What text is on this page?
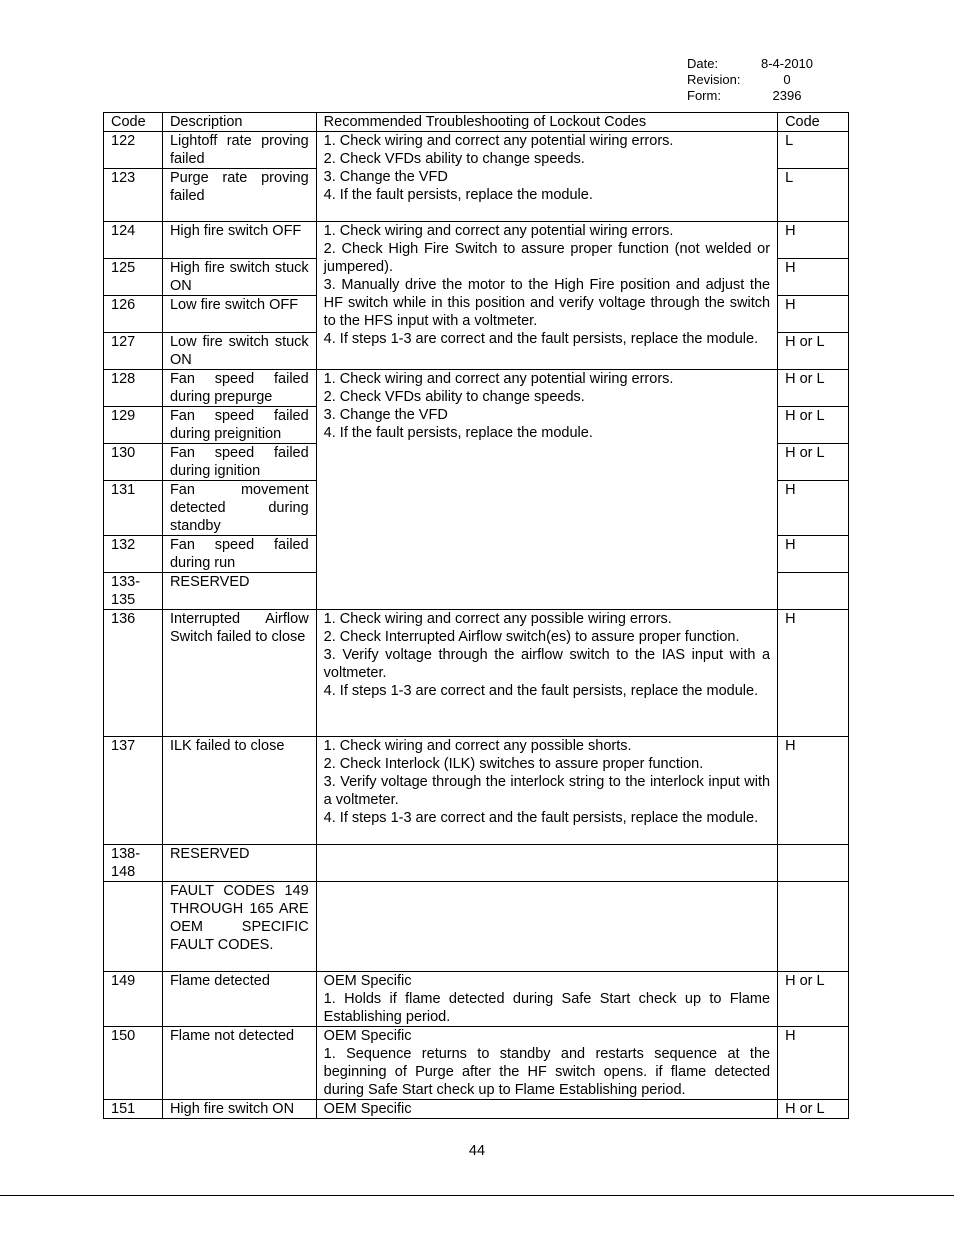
Date:	8-4-2010
Revision:	0
Form:	2396
Code	Description	Recommended Troubleshooting of Lockout Codes	Code
122	Lightoff rate proving failed	1. Check wiring and correct any potential wiring errors.
2. Check VFDs ability to change speeds.
3. Change the VFD
4. If the fault persists, replace the module.	L
123	Purge rate proving failed		L
124	High fire switch OFF	1. Check wiring and correct any potential wiring errors.
2. Check High Fire Switch to assure proper function (not welded or jumpered).
3. Manually drive the motor to the High Fire position and adjust the HF switch while in this position and verify voltage through the switch to the HFS input with a voltmeter.
4. If steps 1-3 are correct and the fault persists, replace the module.	H
125	High fire switch stuck ON		H
126	Low fire switch OFF		H
127	Low fire switch stuck ON		H or L
128	Fan speed failed during prepurge	1. Check wiring and correct any potential wiring errors.
2. Check VFDs ability to change speeds.
3. Change the VFD
4. If the fault persists, replace the module.	H or L
129	Fan speed failed during preignition		H or L
130	Fan speed failed during ignition		H or L
131	Fan movement detected during standby		H
132	Fan speed failed during run		H
133-135	RESERVED		

136	Interrupted Airflow Switch failed to close	1. Check wiring and correct any possible wiring errors.
2. Check Interrupted Airflow switch(es) to assure proper function.
3. Verify voltage through the airflow switch to the IAS input with a voltmeter.
4. If steps 1-3 are correct and the fault persists, replace the module.	H
137	ILK failed to close	1. Check wiring and correct any possible shorts.
2. Check Interlock (ILK) switches to assure proper function.
3. Verify voltage through the interlock string to the interlock input with a voltmeter.
4. If steps 1-3 are correct and the fault persists, replace the module.	H
138-148	RESERVED		

	FAULT CODES 149 THROUGH 165 ARE OEM SPECIFIC FAULT CODES.		

149	Flame detected	OEM Specific
1. Holds if flame detected during Safe Start check up to Flame Establishing period.	H or L
150	Flame not detected	OEM Specific
1. Sequence returns to standby and restarts sequence at the beginning of Purge after the HF switch opens. if flame detected during Safe Start check up to Flame Establishing period.	H
151	High fire switch ON	OEM Specific	H or L
44
